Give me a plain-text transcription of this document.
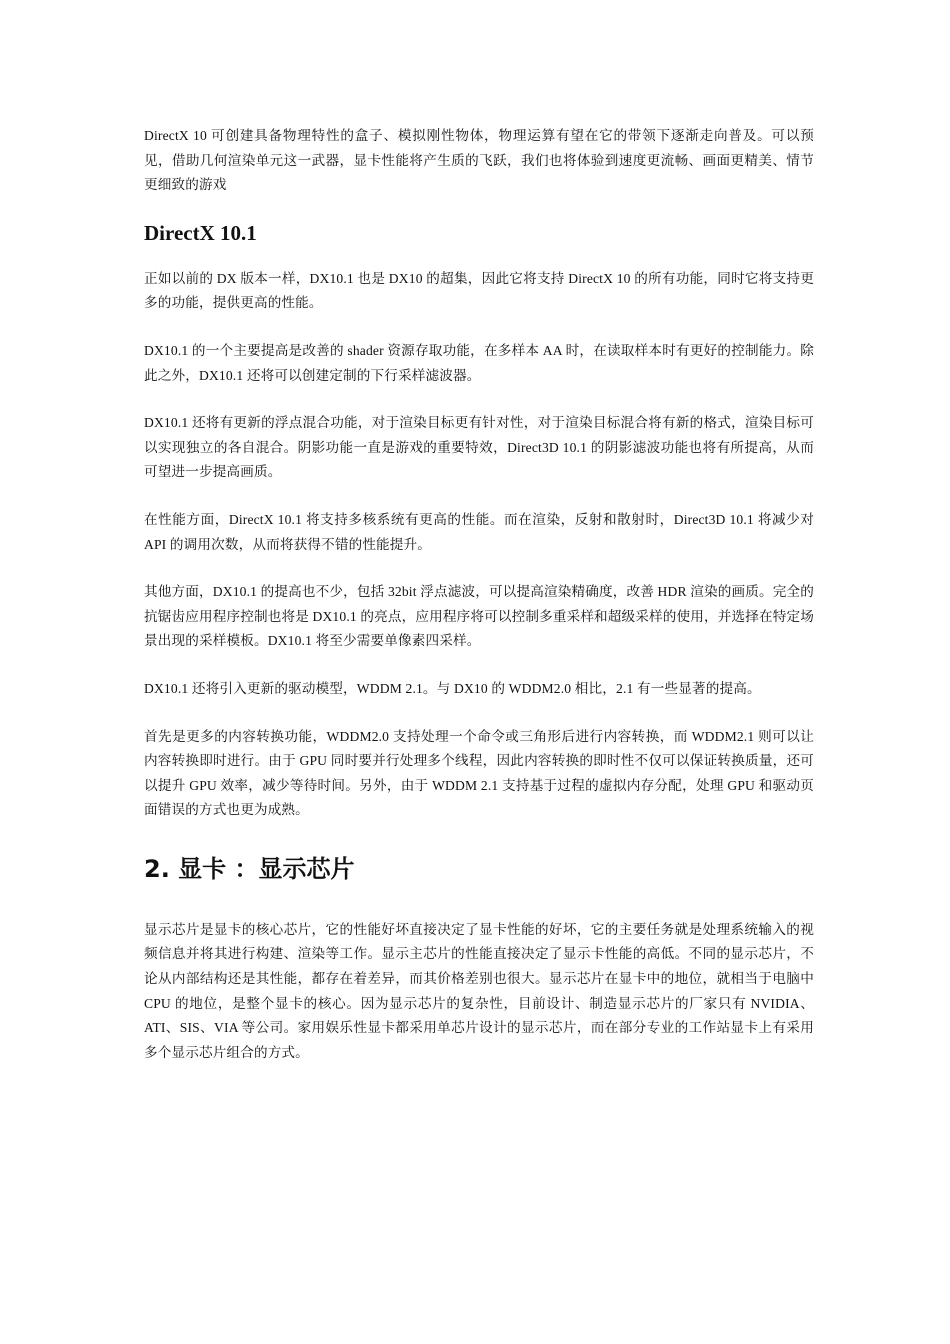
DirectX 10 可创建具备物理特性的盒子、模拟刚性物体，物理运算有望在它的带领下逐渐走向普及。可以预见，借助几何渲染单元这一武器，显卡性能将产生质的飞跃，我们也将体验到速度更流畅、画面更精美、情节更细致的游戏

DirectX 10.1

正如以前的 DX 版本一样，DX10.1 也是 DX10 的超集，因此它将支持 DirectX 10 的所有功能，同时它将支持更多的功能，提供更高的性能。

DX10.1 的一个主要提高是改善的 shader 资源存取功能，在多样本 AA 时，在读取样本时有更好的控制能力。除此之外，DX10.1 还将可以创建定制的下行采样滤波器。

DX10.1 还将有更新的浮点混合功能，对于渲染目标更有针对性，对于渲染目标混合将有新的格式，渲染目标可以实现独立的各自混合。阴影功能一直是游戏的重要特效，Direct3D 10.1 的阴影滤波功能也将有所提高，从而可望进一步提高画质。

在性能方面，DirectX 10.1 将支持多核系统有更高的性能。而在渲染，反射和散射时，Direct3D 10.1 将减少对 API 的调用次数，从而将获得不错的性能提升。

其他方面，DX10.1 的提高也不少，包括 32bit 浮点滤波，可以提高渲染精确度，改善 HDR 渲染的画质。完全的抗锯齿应用程序控制也将是 DX10.1 的亮点，应用程序将可以控制多重采样和超级采样的使用，并选择在特定场景出现的采样模板。DX10.1 将至少需要单像素四采样。

DX10.1 还将引入更新的驱动模型，WDDM 2.1。与 DX10 的 WDDM2.0 相比，2.1 有一些显著的提高。

首先是更多的内容转换功能，WDDM2.0 支持处理一个命令或三角形后进行内容转换，而 WDDM2.1 则可以让内容转换即时进行。由于 GPU 同时要并行处理多个线程，因此内容转换的即时性不仅可以保证转换质量，还可以提升 GPU 效率，减少等待时间。另外，由于 WDDM 2.1 支持基于过程的虚拟内存分配，处理 GPU 和驱动页面错误的方式也更为成熟。

2. 显卡 ：显示芯片

显示芯片是显卡的核心芯片，它的性能好坏直接决定了显卡性能的好坏，它的主要任务就是处理系统输入的视频信息并将其进行构建、渲染等工作。显示主芯片的性能直接决定了显示卡性能的高低。不同的显示芯片，不论从内部结构还是其性能，都存在着差异，而其价格差别也很大。显示芯片在显卡中的地位，就相当于电脑中 CPU 的地位，是整个显卡的核心。因为显示芯片的复杂性，目前设计、制造显示芯片的厂家只有 NVIDIA、ATI、SIS、VIA 等公司。家用娱乐性显卡都采用单芯片设计的显示芯片，而在部分专业的工作站显卡上有采用多个显示芯片组合的方式。
